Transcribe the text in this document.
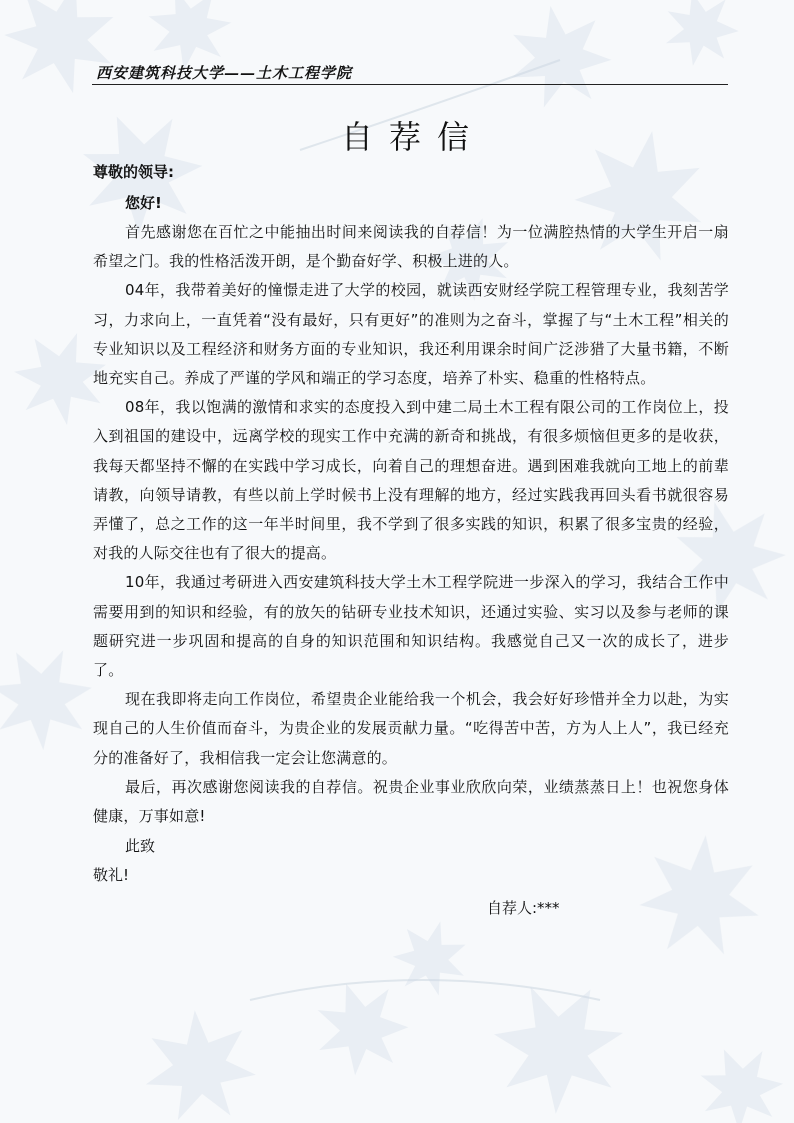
西安建筑科技大学——土木工程学院
自荐信
尊敬的领导:
您好!

首先感谢您在百忙之中能抽出时间来阅读我的自荐信！为一位满腔热情的大学生开启一扇希望之门。我的性格活泼开朗，是个勤奋好学、积极上进的人。

04年，我带着美好的憧憬走进了大学的校园，就读西安财经学院工程管理专业，我刻苦学习，力求向上，一直凭着“没有最好，只有更好”的准则为之奋斗，掌握了与“土木工程”相关的专业知识以及工程经济和财务方面的专业知识，我还利用课余时间广泛涉猎了大量书籍，不断地充实自己。养成了严谨的学风和端正的学习态度，培养了朴实、稳重的性格特点。

08年，我以饱满的激情和求实的态度投入到中建二局土木工程有限公司的工作岗位上，投入到祖国的建设中，远离学校的现实工作中充满的新奇和挑战，有很多烦恼但更多的是收获，我每天都坚持不懈的在实践中学习成长，向着自己的理想奋进。遇到困难我就向工地上的前辈请教，向领导请教，有些以前上学时候书上没有理解的地方，经过实践我再回头看书就很容易弄懂了，总之工作的这一年半时间里，我不学到了很多实践的知识，积累了很多宝贵的经验，对我的人际交往也有了很大的提高。

10年，我通过考研进入西安建筑科技大学土木工程学院进一步深入的学习，我结合工作中需要用到的知识和经验，有的放矢的钻研专业技术知识，还通过实验、实习以及参与老师的课题研究进一步巩固和提高的自身的知识范围和知识结构。我感觉自己又一次的成长了，进步了。

现在我即将走向工作岗位，希望贵企业能给我一个机会，我会好好珍惜并全力以赴，为实现自己的人生价值而奋斗，为贵企业的发展贡献力量。“吃得苦中苦，方为人上人”，我已经充分的准备好了，我相信我一定会让您满意的。

最后，再次感谢您阅读我的自荐信。祝贵企业事业欣欣向荣，业绩蒸蒸日上！也祝您身体健康，万事如意!

此致
敬礼!
自荐人:***
